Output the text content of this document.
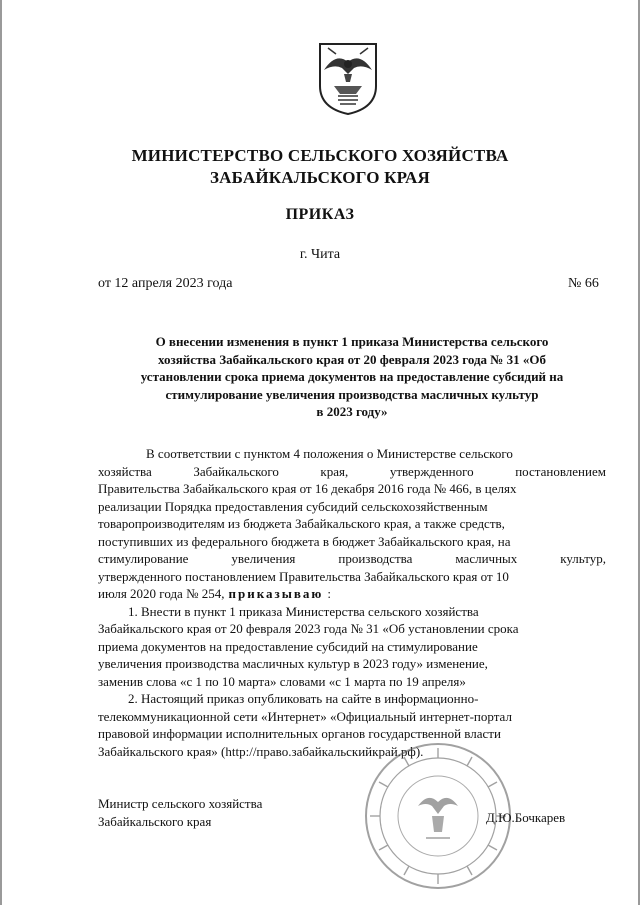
МИНИСТЕРСТВО СЕЛЬСКОГО ХОЗЯЙСТВА
ЗАБАЙКАЛЬСКОГО КРАЯ
ПРИКАЗ
г. Чита
от 12 апреля 2023 года	№ 66
О внесении изменения в пункт 1 приказа Министерства сельского
хозяйства Забайкальского края от 20 февраля 2023 года № 31 «Об
установлении срока приема документов на предоставление субсидий на
стимулирование увеличения производства масличных культур
в 2023 году»
В соответствии с пунктом 4 положения о Министерстве сельского
хозяйства	Забайкальского	края,	утвержденного	постановлением
Правительства Забайкальского края от 16 декабря 2016 года № 466, в целях
реализации Порядка предоставления субсидий сельскохозяйственным
товаропроизводителям из бюджета Забайкальского края, а также средств,
поступивших из федерального бюджета в бюджет Забайкальского края, на
стимулирование	увеличения	производства	масличных	культур,
утвержденного постановлением Правительства Забайкальского края от 10
июля 2020 года № 254, приказываю :
1. Внести в пункт 1 приказа Министерства сельского хозяйства
Забайкальского края от 20 февраля 2023 года № 31 «Об установлении срока
приема документов на предоставление субсидий на стимулирование
увеличения производства масличных культур в 2023 году» изменение,
заменив слова «с 1 по 10 марта» словами «с 1 марта по 19 апреля»
2. Настоящий приказ опубликовать на сайте в информационно-
телекоммуникационной сети «Интернет» «Официальный интернет-портал
правовой информации исполнительных органов государственной власти
Забайкальского края» (http://право.забайкальскийкрай.рф).
Министр сельского хозяйства
Забайкальского края	Д.Ю.Бочкарев
